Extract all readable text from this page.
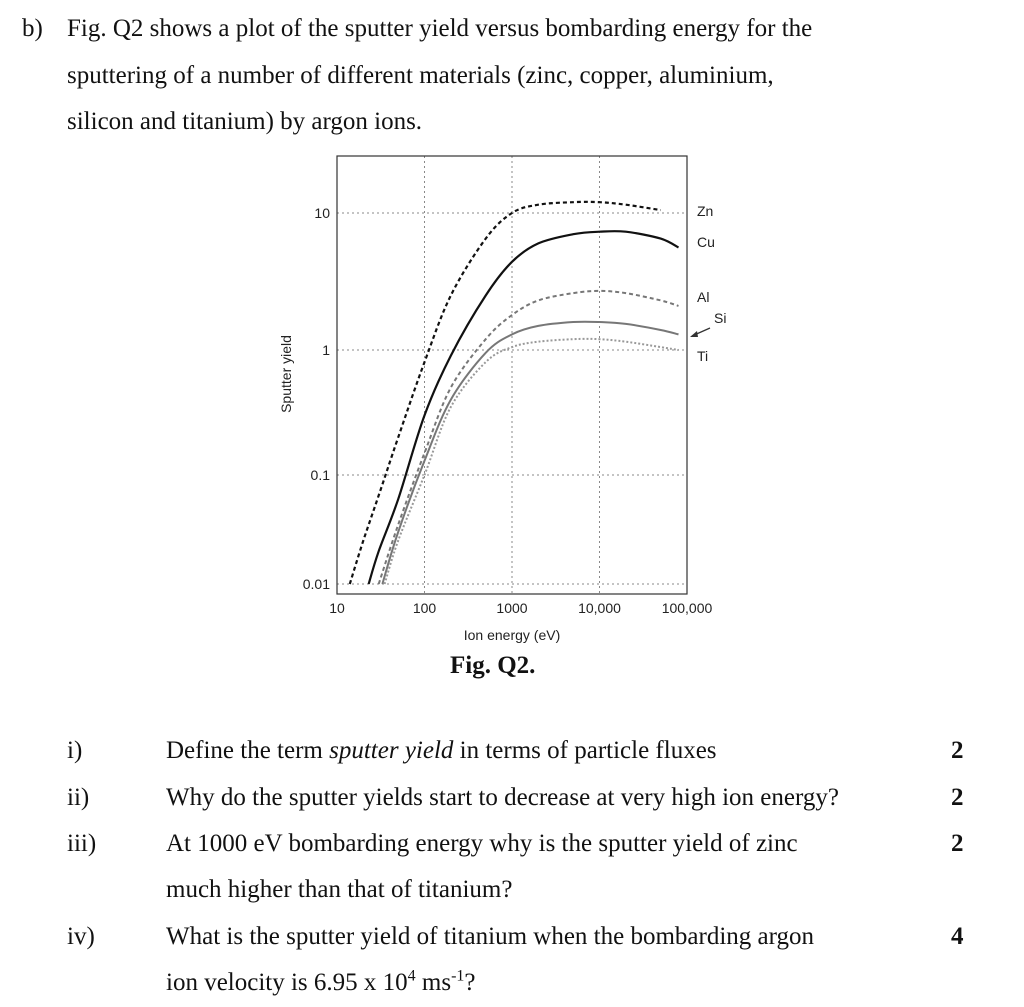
b) Fig. Q2 shows a plot of the sputter yield versus bombarding energy for the
sputtering of a number of different materials (zinc, copper, aluminium,
silicon and titanium) by argon ions.
10	100	1000	10,000	100,000
0.01
0.1
1
10	Zn
Cu
Al
Si
Ti
Ion energy (eV)
Sputter yield
Fig. Q2.
i)	Define the term sputter yield in terms of particle fluxes	2
ii)	Why do the sputter yields start to decrease at very high ion energy?	2
iii)	At 1000 eV bombarding energy why is the sputter yield of zinc	2
much higher than that of titanium?
iv)	What is the sputter yield of titanium when the bombarding argon	4
ion velocity is 6.95 x $10^4$ $ms^{-1}$?
